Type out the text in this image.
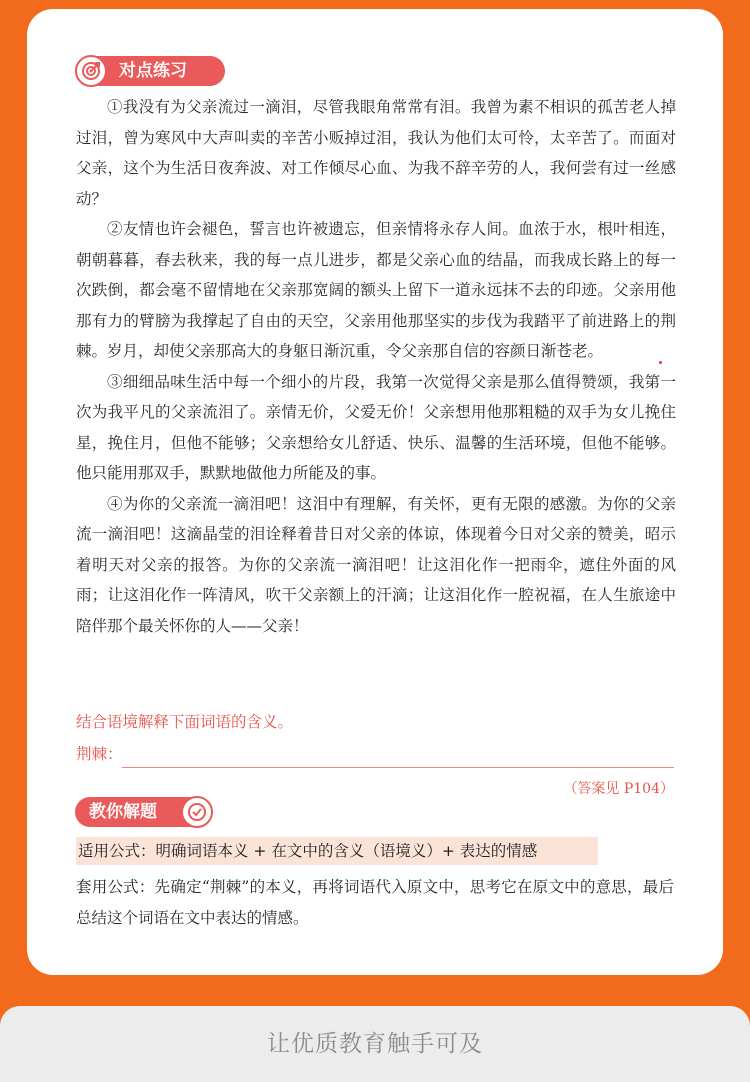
对点练习

①我没有为父亲流过一滴泪，尽管我眼角常常有泪。我曾为素不相识的孤苦老人掉过泪，曾为寒风中大声叫卖的辛苦小贩掉过泪，我认为他们太可怜，太辛苦了。而面对父亲，这个为生活日夜奔波、对工作倾尽心血、为我不辞辛劳的人，我何尝有过一丝感动？

②友情也许会褪色，誓言也许被遗忘，但亲情将永存人间。血浓于水，根叶相连，朝朝暮暮，春去秋来，我的每一点儿进步，都是父亲心血的结晶，而我成长路上的每一次跌倒，都会毫不留情地在父亲那宽阔的额头上留下一道永远抹不去的印迹。父亲用他那有力的臂膀为我撑起了自由的天空，父亲用他那坚实的步伐为我踏平了前进路上的荆棘。岁月，却使父亲那高大的身躯日渐沉重，令父亲那自信的容颜日渐苍老。

③细细品味生活中每一个细小的片段，我第一次觉得父亲是那么值得赞颂，我第一次为我平凡的父亲流泪了。亲情无价，父爱无价！父亲想用他那粗糙的双手为女儿挽住星，挽住月，但他不能够；父亲想给女儿舒适、快乐、温馨的生活环境，但他不能够。他只能用那双手，默默地做他力所能及的事。

④为你的父亲流一滴泪吧！这泪中有理解，有关怀，更有无限的感激。为你的父亲流一滴泪吧！这滴晶莹的泪诠释着昔日对父亲的体谅，体现着今日对父亲的赞美，昭示着明天对父亲的报答。为你的父亲流一滴泪吧！让这泪化作一把雨伞，遮住外面的风雨；让这泪化作一阵清风，吹干父亲额上的汗滴；让这泪化作一腔祝福，在人生旅途中陪伴那个最关怀你的人——父亲！

结合语境解释下面词语的含义。
荆棘：
（答案见 P104）
教你解题
适用公式：明确词语本义 + 在文中的含义（语境义）+ 表达的情感
套用公式：先确定“荆棘”的本义，再将词语代入原文中，思考它在原文中的意思，最后总结这个词语在文中表达的情感。
让优质教育触手可及
